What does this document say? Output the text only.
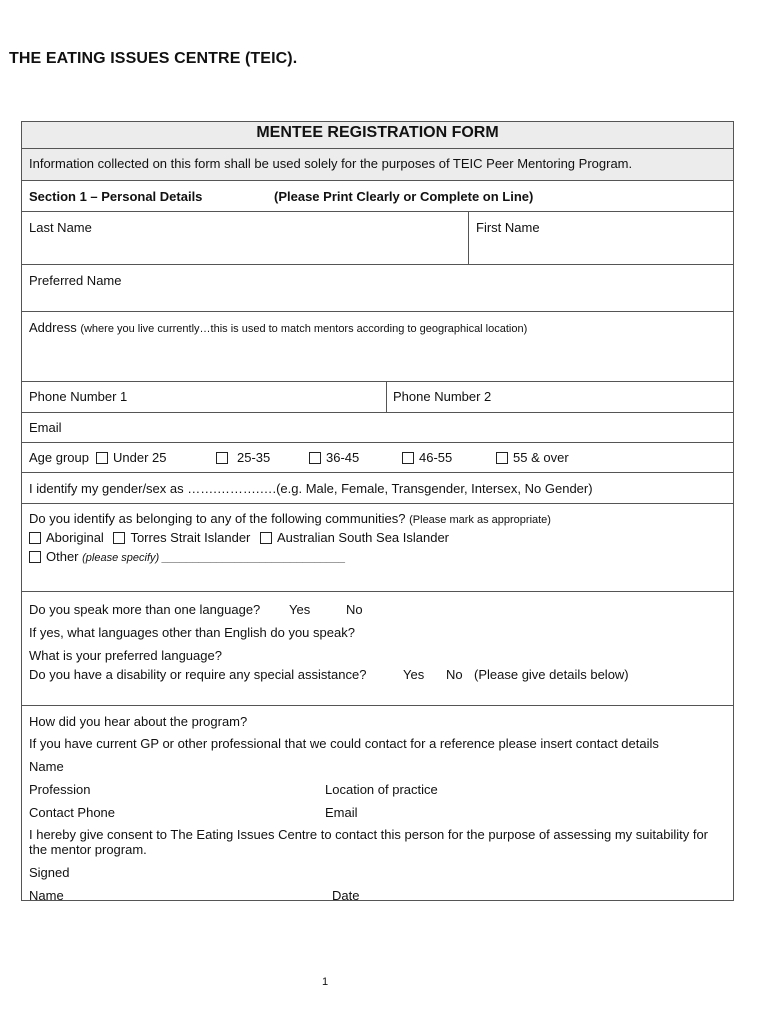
THE EATING ISSUES CENTRE (TEIC).
MENTEE REGISTRATION FORM
Information collected on this form shall be used solely for the purposes of TEIC Peer Mentoring Program.
Section 1 – Personal Details	(Please Print Clearly or Complete on Line)
Last Name	First Name
Preferred Name
Address (where you live currently…this is used to match mentors according to geographical location)
Phone Number 1	Phone Number 2
Email
Age group	Under 25	25-35	36-45	46-55	55 & over
I identify my gender/sex as …….……….….(e.g. Male, Female, Transgender, Intersex, No Gender)
Do you identify as belonging to any of the following communities? (Please mark as appropriate)
Aboriginal Torres Strait Islander Australian South Sea Islander
Other (please specify) ______________________________
Do you speak more than one language? Yes	No
If yes, what languages other than English do you speak?
What is your preferred language?
Do you have a disability or require any special assistance?	Yes No (Please give details below)
How did you hear about the program?
If you have current GP or other professional that we could contact for a reference please insert contact details
Name
Profession	Location of practice
Contact Phone	Email
I hereby give consent to The Eating Issues Centre to contact this person for the purpose of assessing my suitability for the mentor program.
Signed
Name	Date
1
